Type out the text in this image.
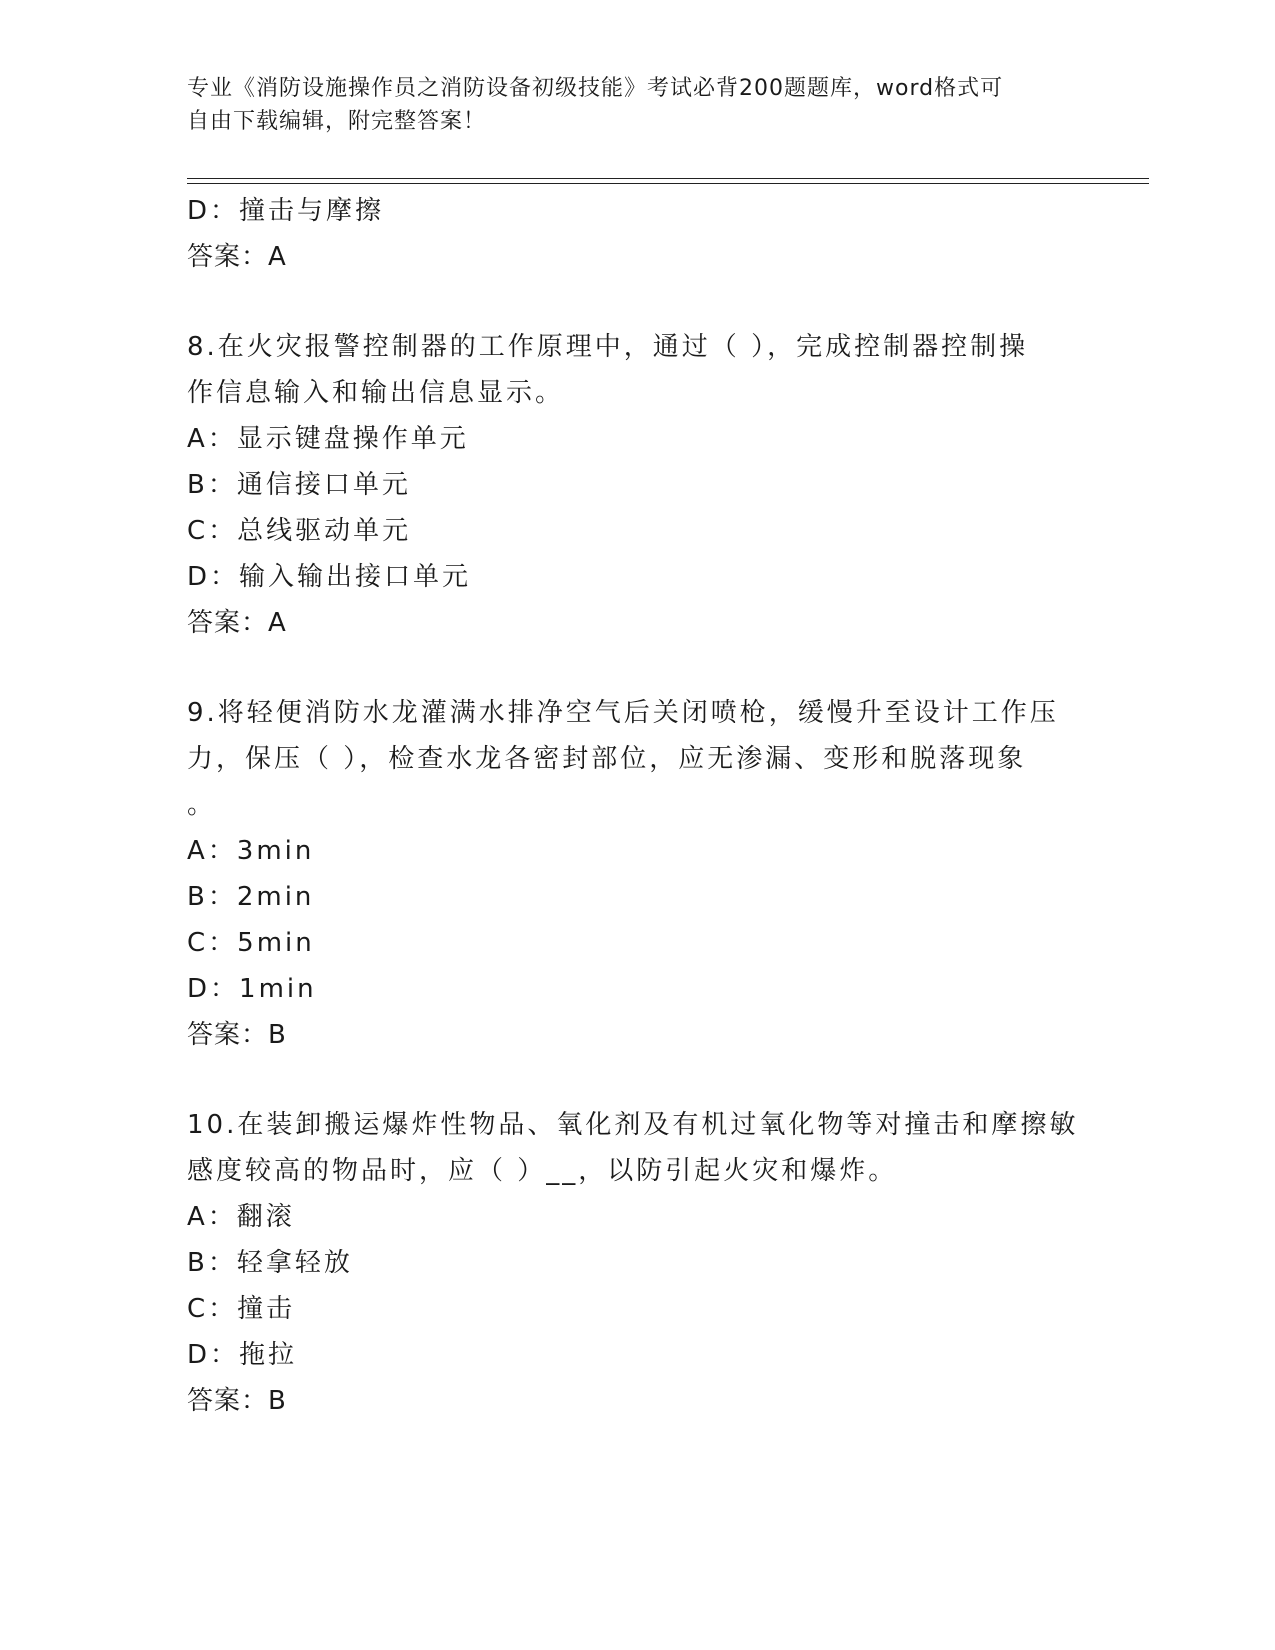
专业《消防设施操作员之消防设备初级技能》考试必背200题题库，word格式可
自由下载编辑，附完整答案！
D：撞击与摩擦
答案：A
8.在火灾报警控制器的工作原理中，通过（ ），完成控制器控制操
作信息输入和输出信息显示。
A：显示键盘操作单元
B：通信接口单元
C：总线驱动单元
D：输入输出接口单元
答案：A
9.将轻便消防水龙灌满水排净空气后关闭喷枪，缓慢升至设计工作压
力，保压（ ），检查水龙各密封部位，应无渗漏、变形和脱落现象
。
A：3min
B：2min
C：5min
D：1min
答案：B
10.在装卸搬运爆炸性物品、氧化剂及有机过氧化物等对撞击和摩擦敏
感度较高的物品时，应（ ）__，以防引起火灾和爆炸。
A：翻滚
B：轻拿轻放
C：撞击
D：拖拉
答案：B
